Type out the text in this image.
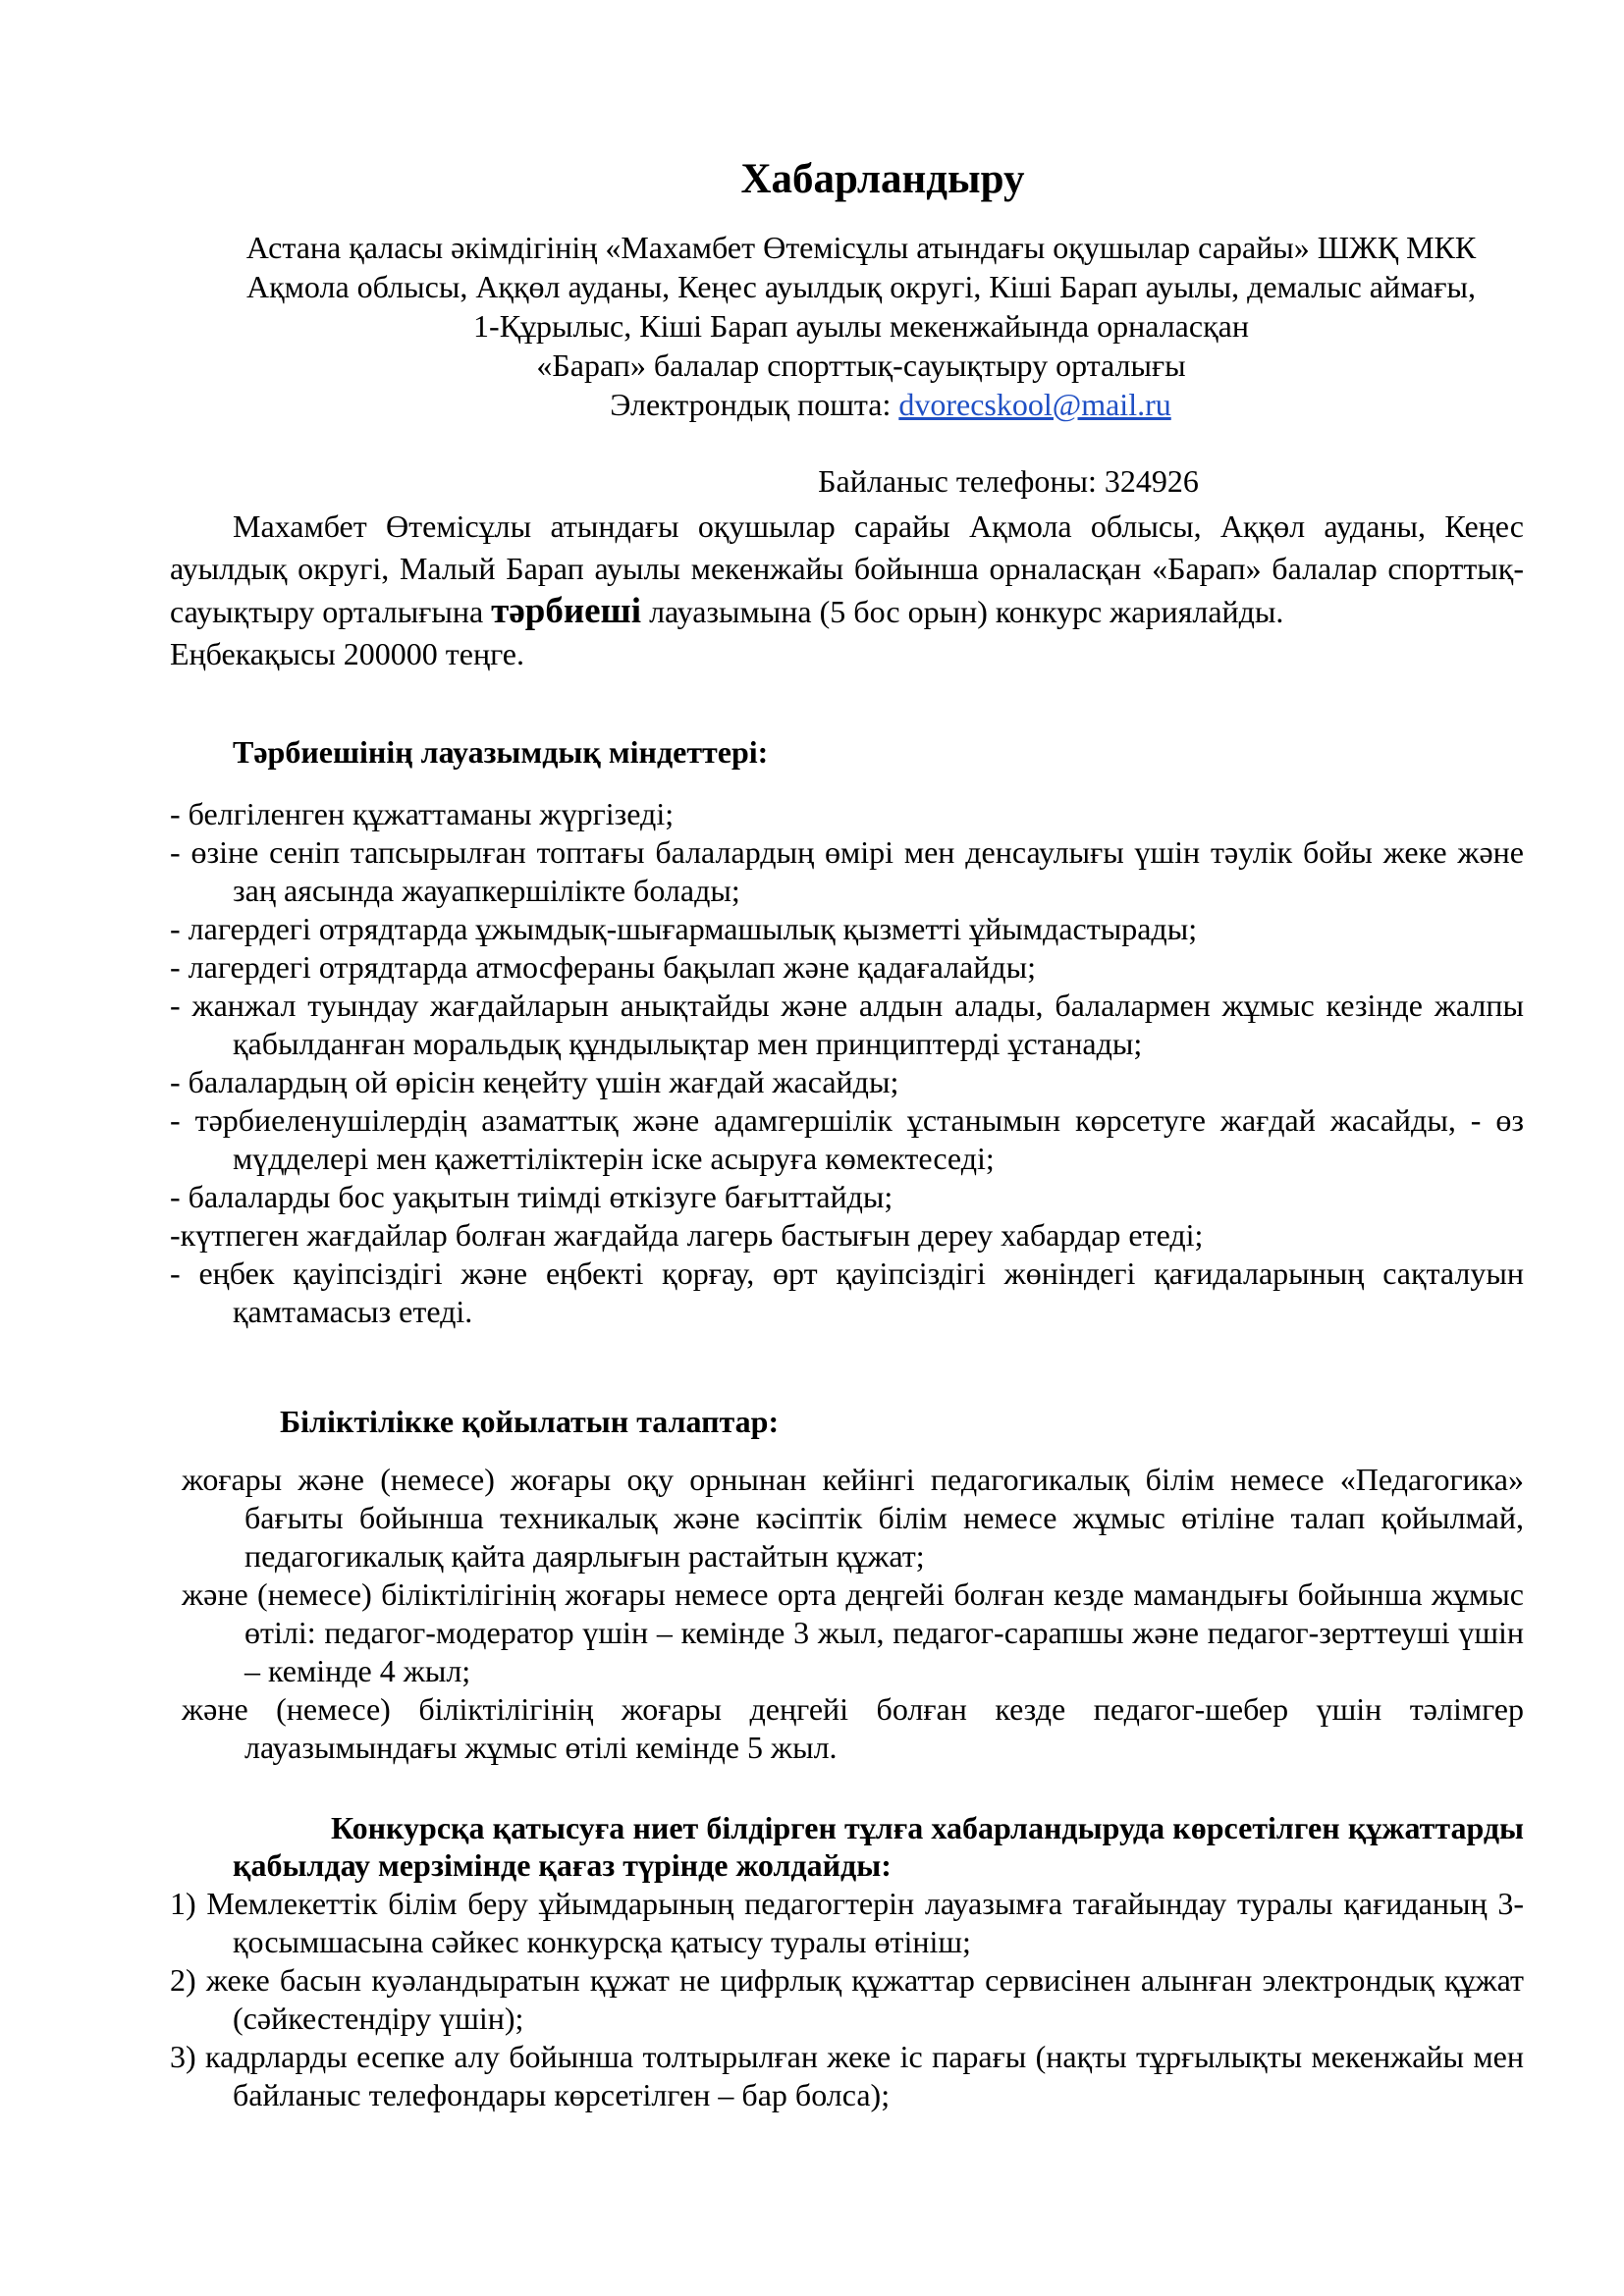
Хабарландыру
Астана қаласы әкімдігінің «Махамбет Өтемісұлы атындағы оқушылар сарайы» ШЖҚ МКК
Ақмола облысы, Аққөл ауданы, Кеңес ауылдық округі, Кіші Барап ауылы, демалыс аймағы,
1-Құрылыс, Кіші Барап ауылы мекенжайында орналасқан
«Барап» балалар спорттық-сауықтыру орталығы
Электрондық пошта: dvorecskool@mail.ru
Байланыс телефоны: 324926
Махамбет Өтемісұлы атындағы оқушылар сарайы Ақмола облысы, Аққөл ауданы, Кеңес ауылдық округі, Малый Барап ауылы мекенжайы бойынша орналасқан «Барап» балалар спорттық-сауықтыру орталығына тәрбиеші лауазымына (5 бос орын) конкурс жариялайды.
Еңбекақысы 200000 теңге.
Тәрбиешінің лауазымдық міндеттері:

- белгіленген құжаттаманы жүргізеді;

- өзіне сеніп тапсырылған топтағы балалардың өмірі мен денсаулығы үшін тәулік бойы жеке және заң аясында жауапкершілікте болады;

- лагердегі отрядтарда ұжымдық-шығармашылық қызметті ұйымдастырады;

- лагердегі отрядтарда атмосфераны бақылап және қадағалайды;

- жанжал туындау жағдайларын анықтайды және алдын алады, балалармен жұмыс кезінде жалпы қабылданған моральдық құндылықтар мен принциптерді ұстанады;

- балалардың ой өрісін кеңейту үшін жағдай жасайды;

- тәрбиеленушілердің азаматтық және адамгершілік ұстанымын көрсетуге жағдай жасайды, - өз мүдделері мен қажеттіліктерін іске асыруға көмектеседі;

- балаларды бос уақытын тиімді өткізуге бағыттайды;

-күтпеген жағдайлар болған жағдайда лагерь бастығын дереу хабардар етеді;

- еңбек қауіпсіздігі және еңбекті қорғау, өрт қауіпсіздігі жөніндегі қағидаларының сақталуын қамтамасыз етеді.

Біліктілікке қойылатын талаптар:

жоғары және (немесе) жоғары оқу орнынан кейінгі педагогикалық білім немесе «Педагогика» бағыты бойынша техникалық және кәсіптік білім немесе жұмыс өтіліне талап қойылмай, педагогикалық қайта даярлығын растайтын құжат;

және (немесе) біліктілігінің жоғары немесе орта деңгейі болған кезде мамандығы бойынша жұмыс өтілі: педагог-модератор үшін – кемінде 3 жыл, педагог-сарапшы және педагог-зерттеуші үшін – кемінде 4 жыл;

және (немесе) біліктілігінің жоғары деңгейі болған кезде педагог-шебер үшін тәлімгер лауазымындағы жұмыс өтілі кемінде 5 жыл.

Конкурсқа қатысуға ниет білдірген тұлға хабарландыруда көрсетілген құжаттарды қабылдау мерзімінде қағаз түрінде жолдайды:

1) Мемлекеттік білім беру ұйымдарының педагогтерін лауазымға тағайындау туралы қағиданың 3- қосымшасына сәйкес конкурсқа қатысу туралы өтініш;

2) жеке басын куәландыратын құжат не цифрлық құжаттар сервисінен алынған электрондық құжат (сәйкестендіру үшін);

3) кадрларды есепке алу бойынша толтырылған жеке іс парағы (нақты тұрғылықты мекенжайы мен байланыс телефондары көрсетілген – бар болса);
